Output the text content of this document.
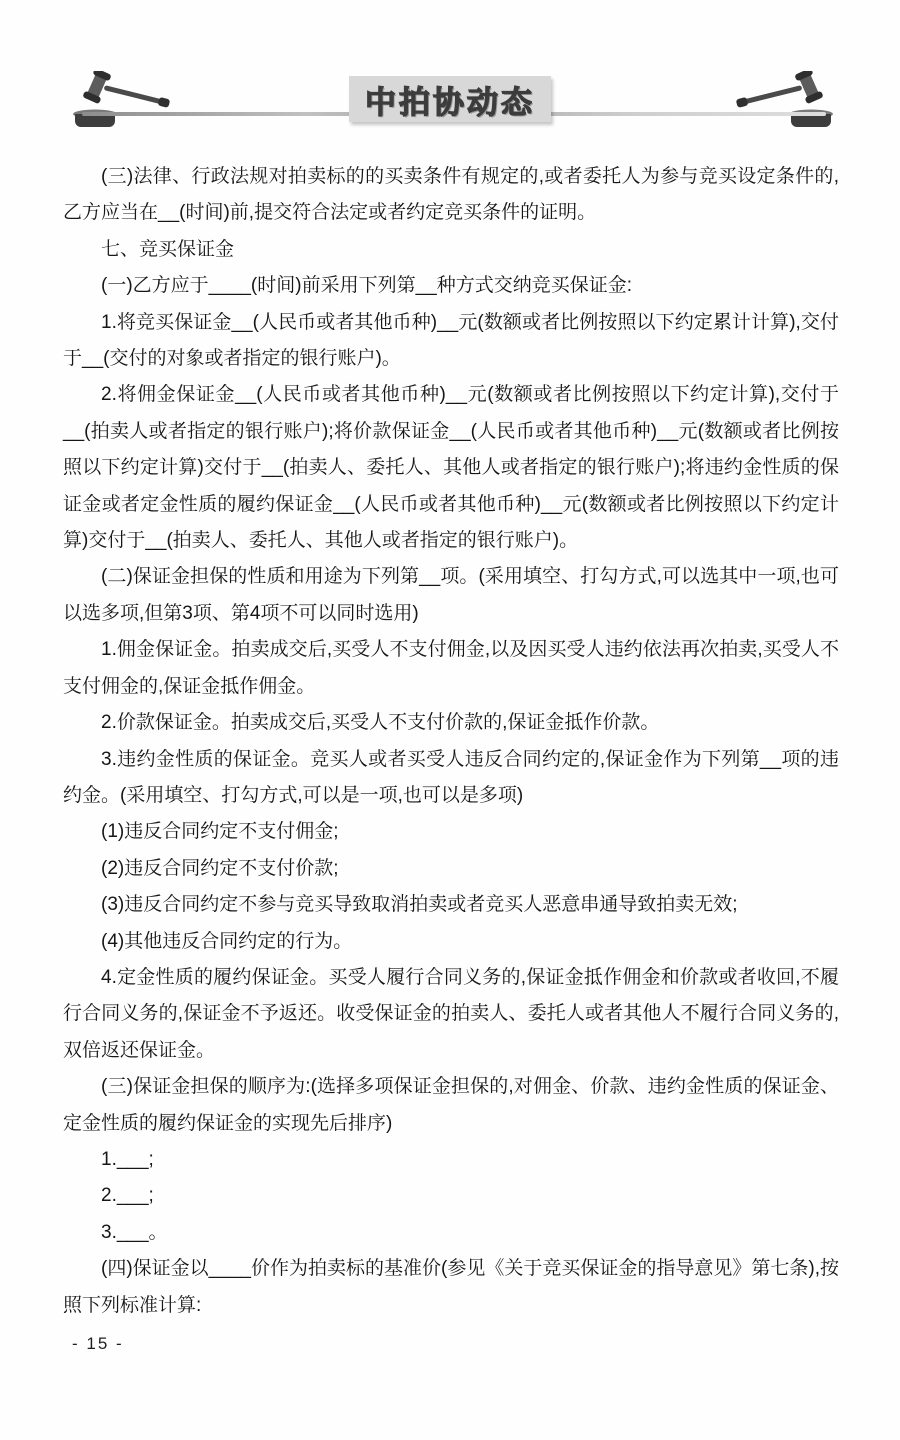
中拍协动态

(三)法律、行政法规对拍卖标的的买卖条件有规定的,或者委托人为参与竞买设定条件的,乙方应当在__(时间)前,提交符合法定或者约定竞买条件的证明。

七、竞买保证金

(一)乙方应于____(时间)前采用下列第__种方式交纳竞买保证金:

1.将竞买保证金__(人民币或者其他币种)__元(数额或者比例按照以下约定累计计算),交付于__(交付的对象或者指定的银行账户)。

2.将佣金保证金__(人民币或者其他币种)__元(数额或者比例按照以下约定计算),交付于__(拍卖人或者指定的银行账户);将价款保证金__(人民币或者其他币种)__元(数额或者比例按照以下约定计算)交付于__(拍卖人、委托人、其他人或者指定的银行账户);将违约金性质的保证金或者定金性质的履约保证金__(人民币或者其他币种)__元(数额或者比例按照以下约定计算)交付于__(拍卖人、委托人、其他人或者指定的银行账户)。

(二)保证金担保的性质和用途为下列第__项。(采用填空、打勾方式,可以选其中一项,也可以选多项,但第3项、第4项不可以同时选用)

1.佣金保证金。拍卖成交后,买受人不支付佣金,以及因买受人违约依法再次拍卖,买受人不支付佣金的,保证金抵作佣金。

2.价款保证金。拍卖成交后,买受人不支付价款的,保证金抵作价款。

3.违约金性质的保证金。竞买人或者买受人违反合同约定的,保证金作为下列第__项的违约金。(采用填空、打勾方式,可以是一项,也可以是多项)

(1)违反合同约定不支付佣金;

(2)违反合同约定不支付价款;

(3)违反合同约定不参与竞买导致取消拍卖或者竞买人恶意串通导致拍卖无效;

(4)其他违反合同约定的行为。

4.定金性质的履约保证金。买受人履行合同义务的,保证金抵作佣金和价款或者收回,不履行合同义务的,保证金不予返还。收受保证金的拍卖人、委托人或者其他人不履行合同义务的,双倍返还保证金。

(三)保证金担保的顺序为:(选择多项保证金担保的,对佣金、价款、违约金性质的保证金、定金性质的履约保证金的实现先后排序)

1.___;

2.___;

3.___。

(四)保证金以____价作为拍卖标的基准价(参见《关于竞买保证金的指导意见》第七条),按照下列标准计算:

- 15 -
